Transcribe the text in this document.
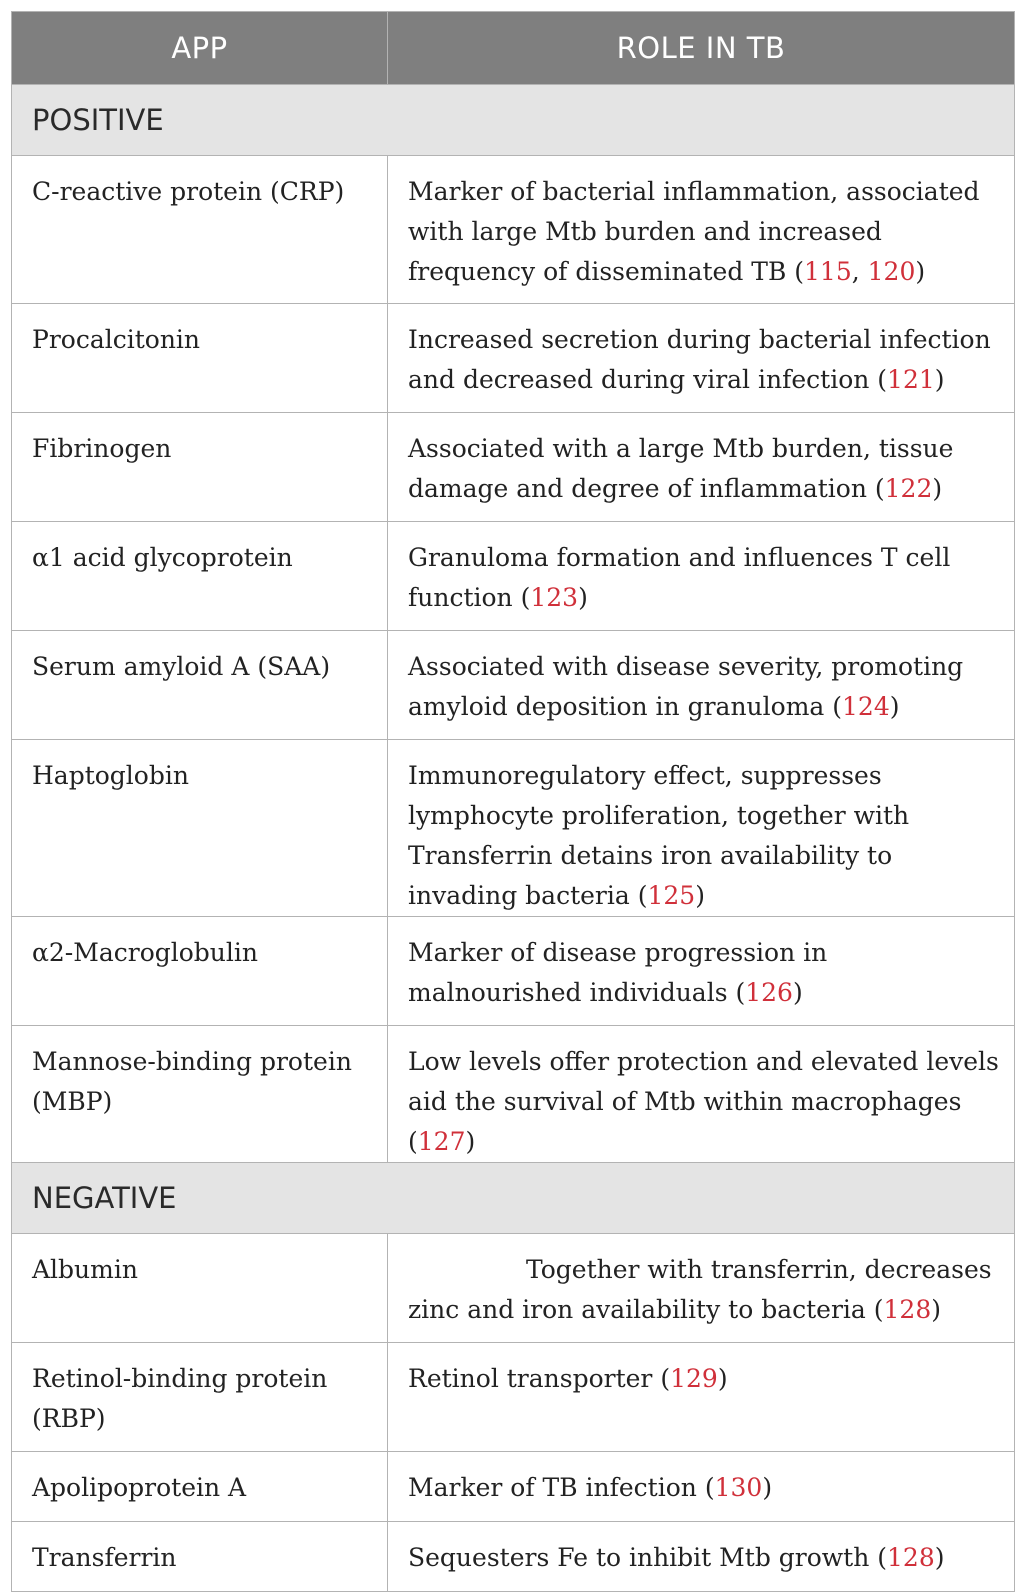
APP	ROLE IN TB
POSITIVE	
C-reactive protein (CRP)	Marker of bacterial inflammation, associated with large Mtb burden and increased frequency of disseminated TB (115, 120)
Procalcitonin	Increased secretion during bacterial infection and decreased during viral infection (121)
Fibrinogen	Associated with a large Mtb burden, tissue damage and degree of inflammation (122)
α1 acid glycoprotein	Granuloma formation and influences T cell function (123)
Serum amyloid A (SAA)	Associated with disease severity, promoting amyloid deposition in granuloma (124)
Haptoglobin	Immunoregulatory effect, suppresses lymphocyte proliferation, together with Transferrin detains iron availability to invading bacteria (125)
α2-Macroglobulin	Marker of disease progression in malnourished individuals (126)
Mannose-binding protein (MBP)	Low levels offer protection and elevated levels aid the survival of Mtb within macrophages (127)
NEGATIVE	
Albumin	Together with transferrin, decreases zinc and iron availability to bacteria (128)
Retinol-binding protein (RBP)	Retinol transporter (129)
Apolipoprotein A	Marker of TB infection (130)
Transferrin	Sequesters Fe to inhibit Mtb growth (128)
